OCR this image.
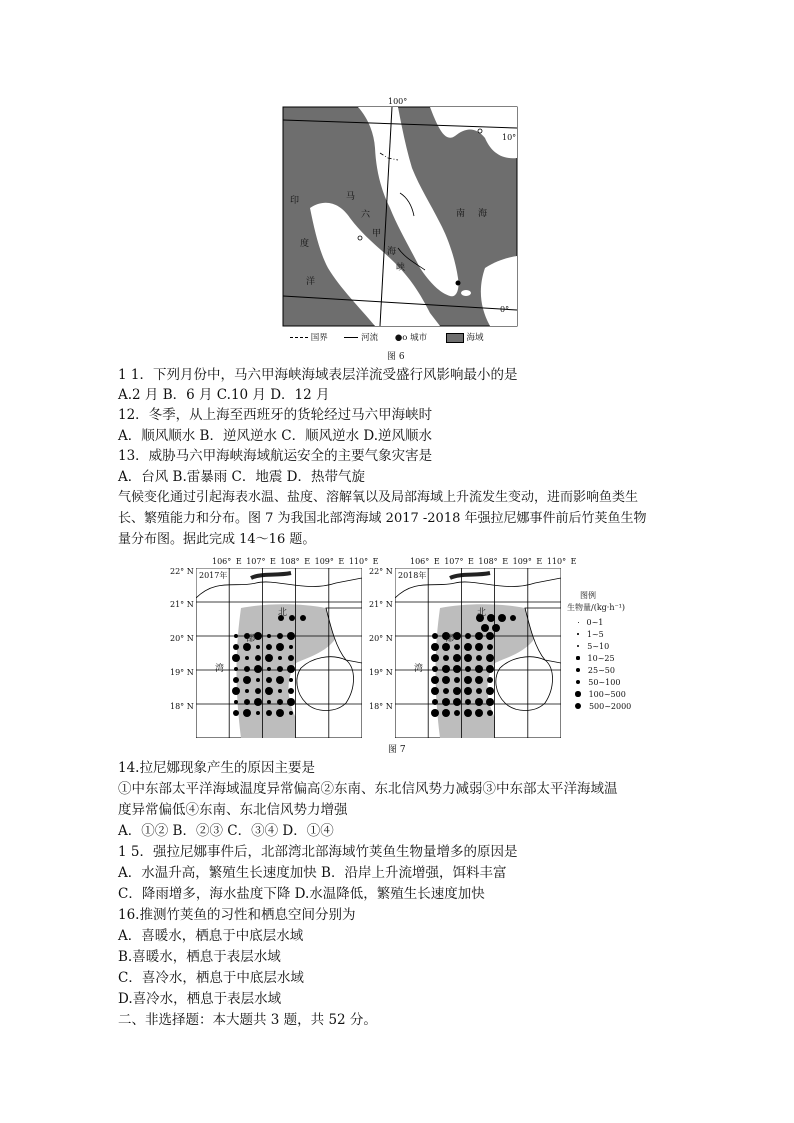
100°
10°
0°
印
度
洋
马
六
甲
海
峡
南 海
国界	河流 ●o 城市	海域
图 6
1 1．下列月份中，马六甲海峡海域表层洋流受盛行风影响最小的是
A.2 月 B．6 月 C.10 月 D．12 月
12．冬季，从上海至西班牙的货轮经过马六甲海峡时
A．顺风顺水 B．逆风逆水 C．顺风逆水 D.逆风顺水
13．威胁马六甲海峡海域航运安全的主要气象灾害是
A．台风 B.雷暴雨 C．地震 D．热带气旋
气候变化通过引起海表水温、盐度、溶解氧以及局部海域上升流发生变动，进而影响鱼类生
长、繁殖能力和分布。图 7 为我国北部湾海域 2017 -2018 年强拉尼娜事件前后竹荚鱼生物
量分布图。据此完成 14～16 题。
106° E 107° E 108° E 109° E 110° E	106° E 107° E 108° E 109° E 110° E
22° N
21° N
20° N
19° N
18° N
22° N
21° N
20° N
19° N
18° N
2017年	2018年
北
部
湾
北
部
湾
图例
生物量/(kg·h⁻¹)
0~1
1~5
5~10
10~25
25~50
50~100
100~500
500~2000
图 7
14.拉尼娜现象产生的原因主要是
①中东部太平洋海域温度异常偏高②东南、东北信风势力减弱③中东部太平洋海域温
度异常偏低④东南、东北信风势力增强
A．①② B．②③ C．③④ D．①④
1 5．强拉尼娜事件后，北部湾北部海域竹荚鱼生物量增多的原因是
A．水温升高，繁殖生长速度加快 B．沿岸上升流增强，饵料丰富
C．降雨增多，海水盐度下降 D.水温降低，繁殖生长速度加快
16.推测竹荚鱼的习性和栖息空间分别为
A．喜暖水，栖息于中底层水域
B.喜暖水，栖息于表层水域
C．喜冷水，栖息于中底层水域
D.喜冷水，栖息于表层水域
二、非选择题：本大题共 3 题，共 52 分。
